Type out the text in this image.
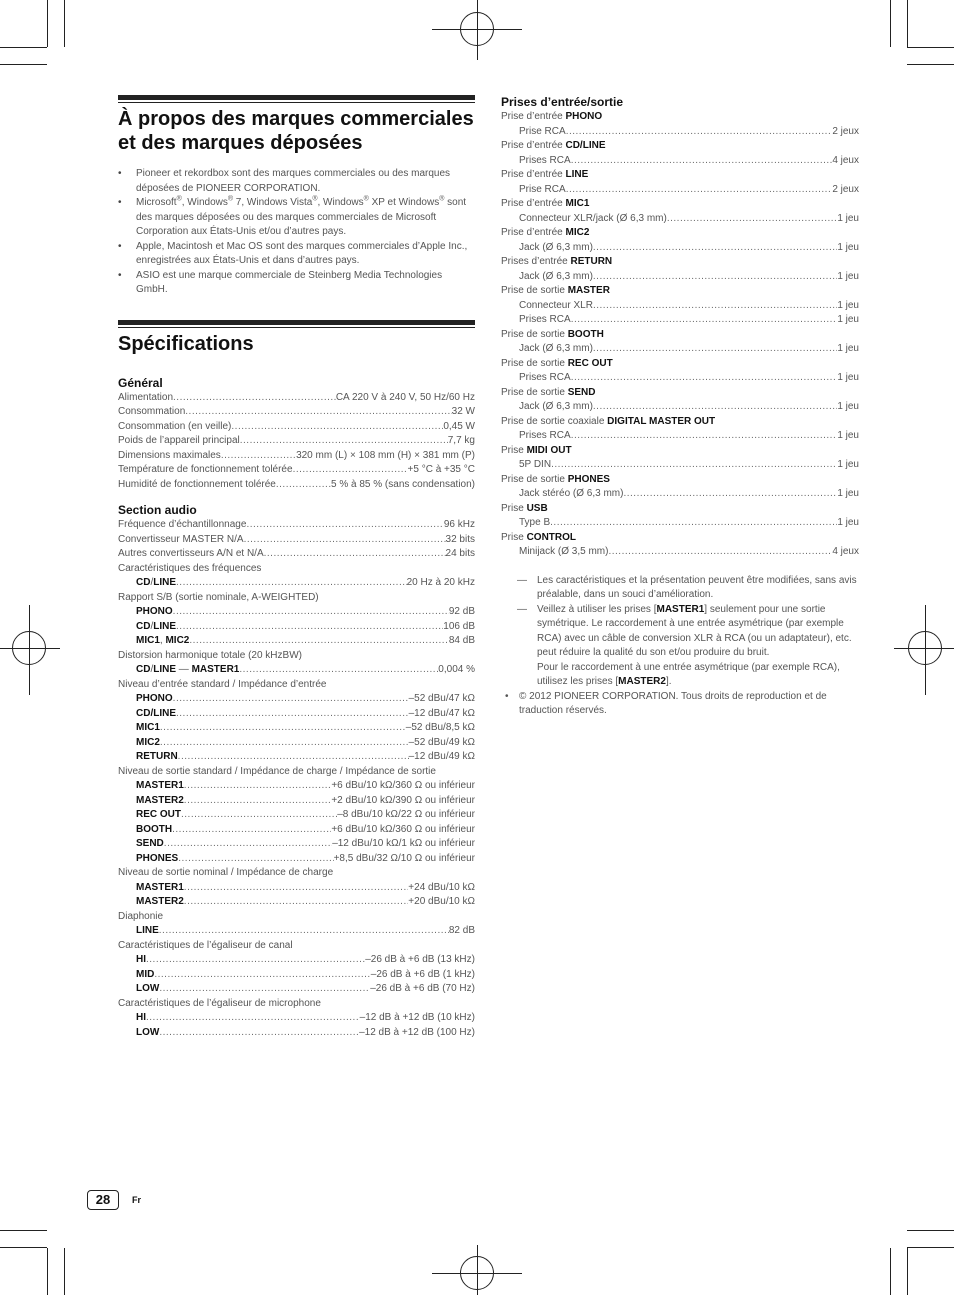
À propos des marques commerciales et des marques déposées
• Pioneer et rekordbox sont des marques commerciales ou des marques déposées de PIONEER CORPORATION.
• Microsoft®, Windows® 7, Windows Vista®, Windows® XP et Windows® sont des marques déposées ou des marques commerciales de Microsoft Corporation aux États-Unis et/ou d’autres pays.
• Apple, Macintosh et Mac OS sont des marques commerciales d’Apple Inc., enregistrées aux États-Unis et dans d’autres pays.
• ASIO est une marque commerciale de Steinberg Media Technologies GmbH.
Spécifications
Général
Alimentation .....	CA 220 V à 240 V, 50 Hz/60 Hz
Consommation .....	32 W
Consommation (en veille) .....	0,45 W
Poids de l’appareil principal .....	7,7 kg
Dimensions maximales .....	320 mm (L) × 108 mm (H) × 381 mm (P)
Température de fonctionnement tolérée .....	+5 °C à +35 °C
Humidité de fonctionnement tolérée .....	5 % à 85 % (sans condensation)
Section audio
Fréquence d’échantillonnage .....	96 kHz
Convertisseur MASTER N/A .....	32 bits
Autres convertisseurs A/N et N/A .....	24 bits
Caractéristiques des fréquences
CD/LINE .....	20 Hz à 20 kHz
Rapport S/B (sortie nominale, A-WEIGHTED)
PHONO .....	92 dB
CD/LINE .....	106 dB
MIC1, MIC2 .....	84 dB
Distorsion harmonique totale (20 kHzBW)
CD/LINE — MASTER1 .....	0,004 %
Niveau d’entrée standard / Impédance d’entrée
PHONO .....	–52 dBu/47 kΩ
CD/LINE .....	–12 dBu/47 kΩ
MIC1 .....	–52 dBu/8,5 kΩ
MIC2 .....	–52 dBu/49 kΩ
RETURN .....	–12 dBu/49 kΩ
Niveau de sortie standard / Impédance de charge / Impédance de sortie
MASTER1 .....	+6 dBu/10 kΩ/360 Ω ou inférieur
MASTER2 .....	+2 dBu/10 kΩ/390 Ω ou inférieur
REC OUT .....	–8 dBu/10 kΩ/22 Ω ou inférieur
BOOTH .....	+6 dBu/10 kΩ/360 Ω ou inférieur
SEND .....	–12 dBu/10 kΩ/1 kΩ ou inférieur
PHONES .....	+8,5 dBu/32 Ω/10 Ω ou inférieur
Niveau de sortie nominal / Impédance de charge
MASTER1 .....	+24 dBu/10 kΩ
MASTER2 .....	+20 dBu/10 kΩ
Diaphonie
LINE .....	82 dB
Caractéristiques de l’égaliseur de canal
HI .....	–26 dB à +6 dB (13 kHz)
MID .....	–26 dB à +6 dB (1 kHz)
LOW .....	–26 dB à +6 dB (70 Hz)
Caractéristiques de l’égaliseur de microphone
HI .....	–12 dB à +12 dB (10 kHz)
LOW .....	–12 dB à +12 dB (100 Hz)
Prises d’entrée/sortie
Prise d’entrée PHONO
Prise RCA .....	2 jeux
Prise d’entrée CD/LINE
Prises RCA .....	4 jeux
Prise d’entrée LINE
Prise RCA .....	2 jeux
Prise d’entrée MIC1
Connecteur XLR/jack (Ø 6,3 mm) .....	1 jeu
Prise d’entrée MIC2
Jack (Ø 6,3 mm) .....	1 jeu
Prises d’entrée RETURN
Jack (Ø 6,3 mm) .....	1 jeu
Prise de sortie MASTER
Connecteur XLR .....	1 jeu
Prises RCA .....	1 jeu
Prise de sortie BOOTH
Jack (Ø 6,3 mm) .....	1 jeu
Prise de sortie REC OUT
Prises RCA .....	1 jeu
Prise de sortie SEND
Jack (Ø 6,3 mm) .....	1 jeu
Prise de sortie coaxiale DIGITAL MASTER OUT
Prises RCA .....	1 jeu
Prise MIDI OUT
5P DIN .....	1 jeu
Prise de sortie PHONES
Jack stéréo (Ø 6,3 mm) .....	1 jeu
Prise USB
Type B .....	1 jeu
Prise CONTROL
Minijack (Ø 3,5 mm) .....	4 jeux
— Les caractéristiques et la présentation peuvent être modifiées, sans avis préalable, dans un souci d’amélioration.
— Veillez à utiliser les prises [MASTER1] seulement pour une sortie symétrique. Le raccordement à une entrée asymétrique (par exemple RCA) avec un câble de conversion XLR à RCA (ou un adaptateur), etc. peut réduire la qualité du son et/ou produire du bruit.
Pour le raccordement à une entrée asymétrique (par exemple RCA), utilisez les prises [MASTER2].
• © 2012 PIONEER CORPORATION. Tous droits de reproduction et de traduction réservés.
28	Fr
